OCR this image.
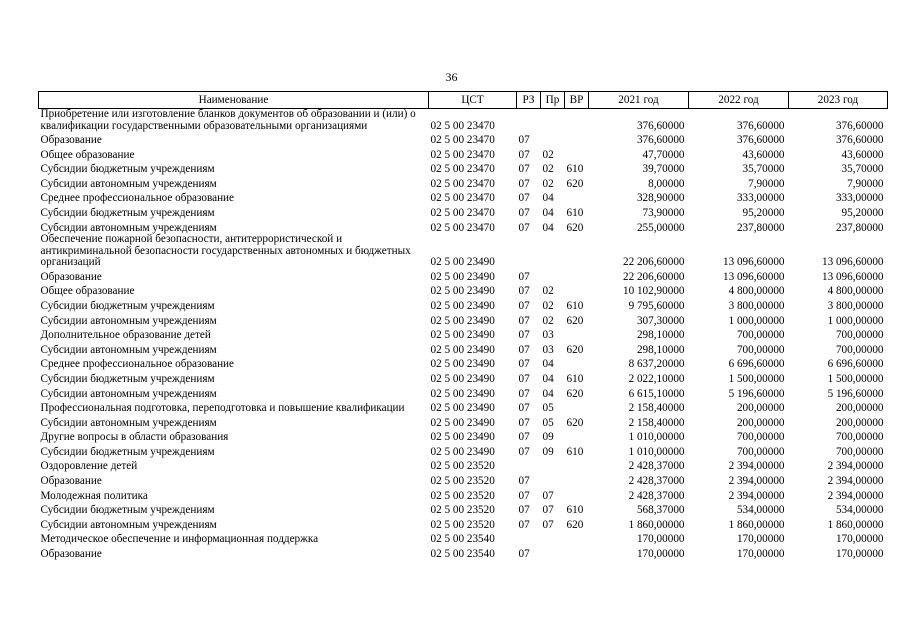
36
Наименование	ЦСТ	РЗ	Пр	ВР	2021 год	2022 год	2023 год
Приобретение или изготовление бланков документов об образовании и (или) о квалификации государственными образовательными организациями	02 5 00 23470				376,60000	376,60000	376,60000
Образование	02 5 00 23470	07			376,60000	376,60000	376,60000
Общее образование	02 5 00 23470	07	02		47,70000	43,60000	43,60000
Субсидии бюджетным учреждениям	02 5 00 23470	07	02	610	39,70000	35,70000	35,70000
Субсидии автономным учреждениям	02 5 00 23470	07	02	620	8,00000	7,90000	7,90000
Среднее профессиональное образование	02 5 00 23470	07	04		328,90000	333,00000	333,00000
Субсидии бюджетным учреждениям	02 5 00 23470	07	04	610	73,90000	95,20000	95,20000
Субсидии автономным учреждениям	02 5 00 23470	07	04	620	255,00000	237,80000	237,80000
Обеспечение пожарной безопасности, антитеррористической и антикриминальной безопасности государственных автономных и бюджетных организаций	02 5 00 23490				22 206,60000	13 096,60000	13 096,60000
Образование	02 5 00 23490	07			22 206,60000	13 096,60000	13 096,60000
Общее образование	02 5 00 23490	07	02		10 102,90000	4 800,00000	4 800,00000
Субсидии бюджетным учреждениям	02 5 00 23490	07	02	610	9 795,60000	3 800,00000	3 800,00000
Субсидии автономным учреждениям	02 5 00 23490	07	02	620	307,30000	1 000,00000	1 000,00000
Дополнительное образование детей	02 5 00 23490	07	03		298,10000	700,00000	700,00000
Субсидии автономным учреждениям	02 5 00 23490	07	03	620	298,10000	700,00000	700,00000
Среднее профессиональное образование	02 5 00 23490	07	04		8 637,20000	6 696,60000	6 696,60000
Субсидии бюджетным учреждениям	02 5 00 23490	07	04	610	2 022,10000	1 500,00000	1 500,00000
Субсидии автономным учреждениям	02 5 00 23490	07	04	620	6 615,10000	5 196,60000	5 196,60000
Профессиональная подготовка, переподготовка и повышение квалификации	02 5 00 23490	07	05		2 158,40000	200,00000	200,00000
Субсидии автономным учреждениям	02 5 00 23490	07	05	620	2 158,40000	200,00000	200,00000
Другие вопросы в области образования	02 5 00 23490	07	09		1 010,00000	700,00000	700,00000
Субсидии бюджетным учреждениям	02 5 00 23490	07	09	610	1 010,00000	700,00000	700,00000
Оздоровление детей	02 5 00 23520				2 428,37000	2 394,00000	2 394,00000
Образование	02 5 00 23520	07			2 428,37000	2 394,00000	2 394,00000
Молодежная политика	02 5 00 23520	07	07		2 428,37000	2 394,00000	2 394,00000
Субсидии бюджетным учреждениям	02 5 00 23520	07	07	610	568,37000	534,00000	534,00000
Субсидии автономным учреждениям	02 5 00 23520	07	07	620	1 860,00000	1 860,00000	1 860,00000
Методическое обеспечение и информационная поддержка	02 5 00 23540				170,00000	170,00000	170,00000
Образование	02 5 00 23540	07			170,00000	170,00000	170,00000
